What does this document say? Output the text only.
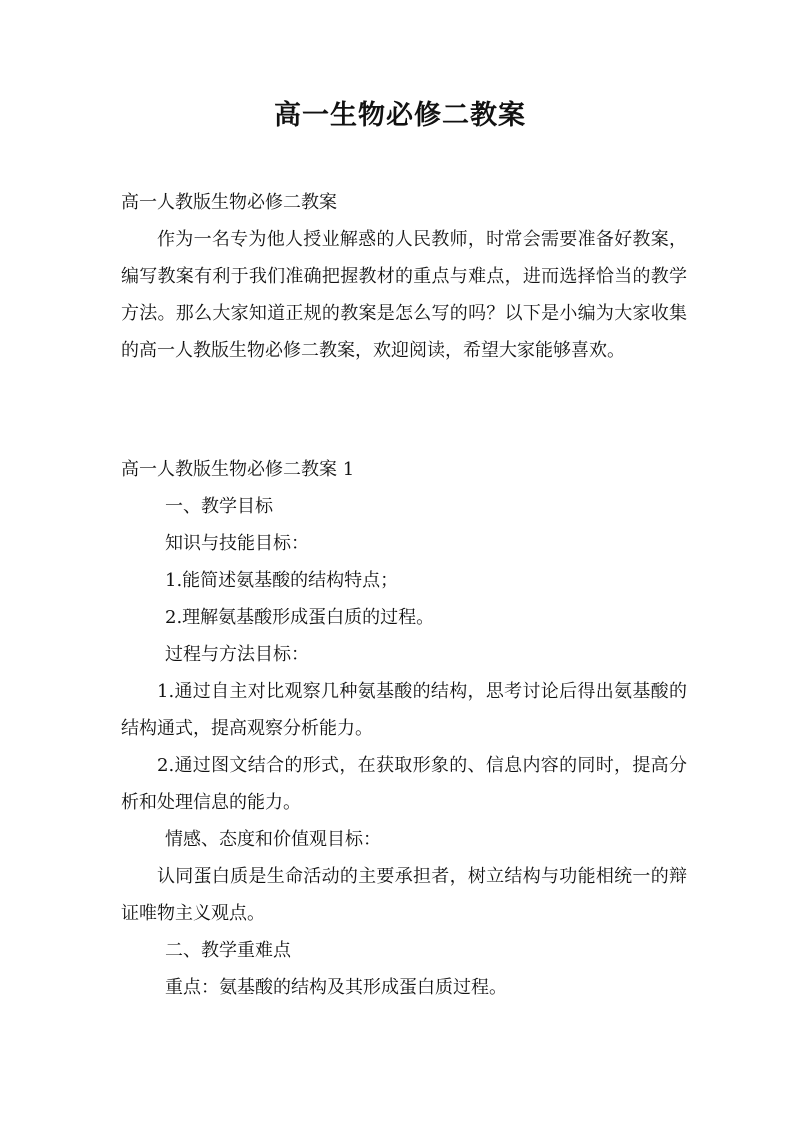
高一生物必修二教案
高一人教版生物必修二教案

作为一名专为他人授业解惑的人民教师，时常会需要准备好教案，编写教案有利于我们准确把握教材的重点与难点，进而选择恰当的教学方法。那么大家知道正规的教案是怎么写的吗？以下是小编为大家收集的高一人教版生物必修二教案，欢迎阅读，希望大家能够喜欢。

高一人教版生物必修二教案 1
一、教学目标
知识与技能目标：
1.能简述氨基酸的结构特点；
2.理解氨基酸形成蛋白质的过程。
过程与方法目标：

1.通过自主对比观察几种氨基酸的结构，思考讨论后得出氨基酸的结构通式，提高观察分析能力。

2.通过图文结合的形式，在获取形象的、信息内容的同时，提高分析和处理信息的能力。

情感、态度和价值观目标：

认同蛋白质是生命活动的主要承担者，树立结构与功能相统一的辩证唯物主义观点。

二、教学重难点
重点：氨基酸的结构及其形成蛋白质过程。
